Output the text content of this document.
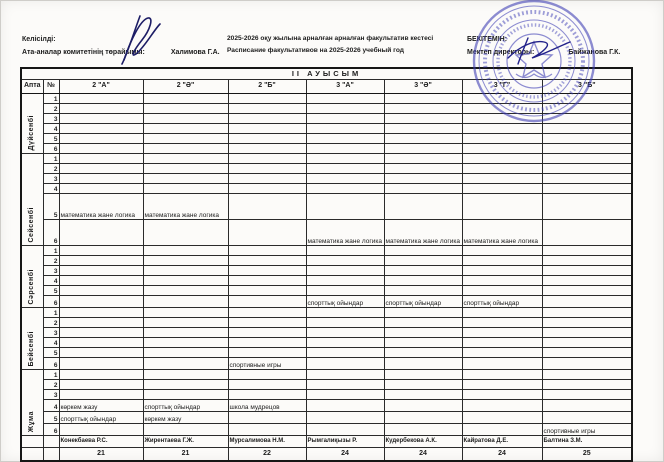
Келісілді:
Ата-аналар комитетінің төрайымы:	Халимова Г.А.
2025-2026 оқу жылына арналған арналған факультатив кестесі
Расписание факультативов на 2025-2026 учебный год
БЕКІТЕМІН:
Мектеп директоры:	Байжанова Г.К.
ІІ АУЫСЫМ								
Апта	№	2 "А"	2 "Ә"	2 "Б"	3 "А"	3 "Ә"	3 "Г"	3 "Б"
Дүйсенбі	1							
	2							
	3							
	4							
	5							
	6							
Сейсенбі	1							
	2							
	3							
	4							
	5	математика жане логика	математика жане логика					
	6				математика жане логика	математика жане логика	математика жане логика	
Сәрсенбі	1							
	2							
	3							
	4							
	5							
	6				спорттық ойындар	спорттық ойындар	спорттық ойындар	
Бейсенбі	1							
	2							
	3							
	4							
	5							
	6			спортивные игры				
Жұма	1							
	2							
	3							
	4	көркем жазу	спорттық ойындар	школа мудрецов				
	5	спорттық ойындар	көркем жазу					
	6							спортивные игры
		Конекбаева Р.С.	Жирентаева Г.Ж.	Мурсалимова Н.М.	Рымгалиқызы Р.	Кудербекова А.К.	Кайратова Д.Е.	Балтина З.М.
		21	21	22	24	24	24	25
